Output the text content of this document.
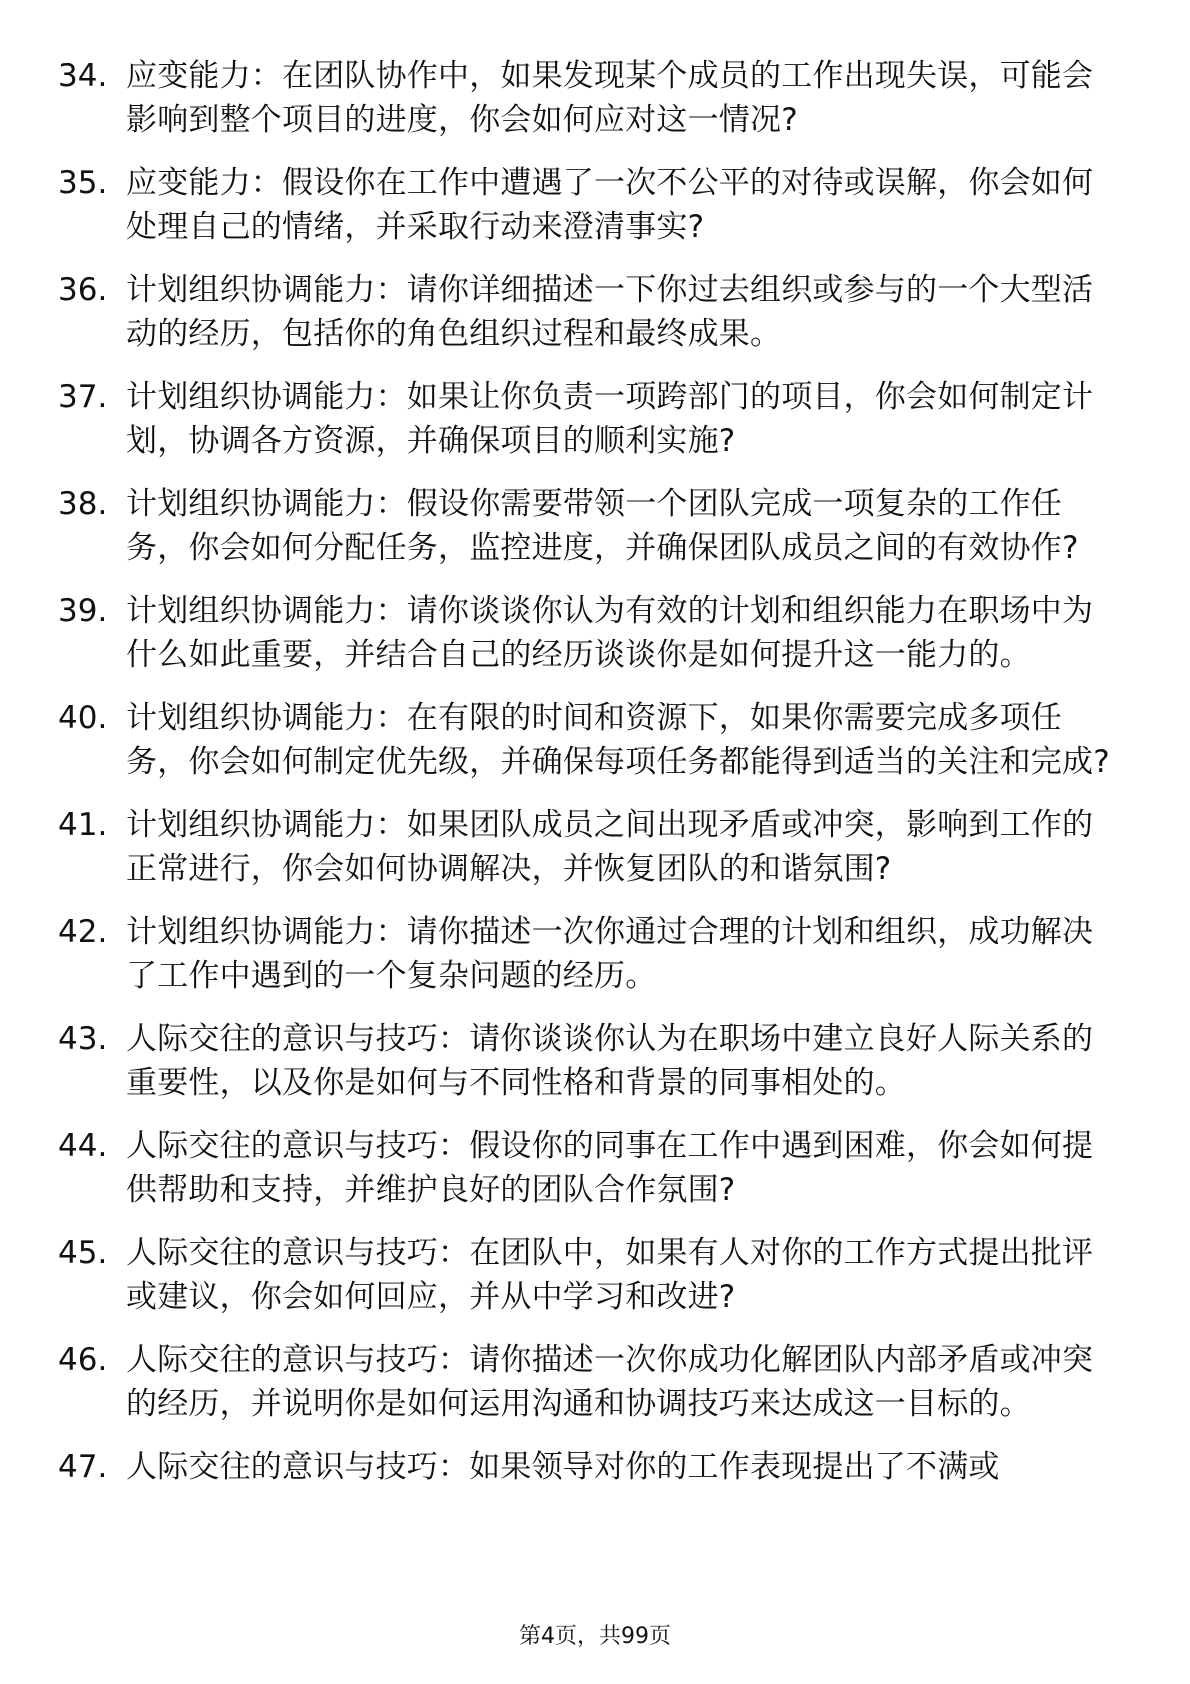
34. 应变能力：在团队协作中，如果发现某个成员的工作出现失误，可能会影响到整个项目的进度，你会如何应对这一情况?
35. 应变能力：假设你在工作中遭遇了一次不公平的对待或误解，你会如何处理自己的情绪，并采取行动来澄清事实?
36. 计划组织协调能力：请你详细描述一下你过去组织或参与的一个大型活动的经历，包括你的角色组织过程和最终成果。
37. 计划组织协调能力：如果让你负责一项跨部门的项目，你会如何制定计划，协调各方资源，并确保项目的顺利实施?
38. 计划组织协调能力：假设你需要带领一个团队完成一项复杂的工作任务，你会如何分配任务，监控进度，并确保团队成员之间的有效协作?
39. 计划组织协调能力：请你谈谈你认为有效的计划和组织能力在职场中为什么如此重要，并结合自己的经历谈谈你是如何提升这一能力的。
40. 计划组织协调能力：在有限的时间和资源下，如果你需要完成多项任务，你会如何制定优先级，并确保每项任务都能得到适当的关注和完成?
41. 计划组织协调能力：如果团队成员之间出现矛盾或冲突，影响到工作的正常进行，你会如何协调解决，并恢复团队的和谐氛围?
42. 计划组织协调能力：请你描述一次你通过合理的计划和组织，成功解决了工作中遇到的一个复杂问题的经历。
43. 人际交往的意识与技巧：请你谈谈你认为在职场中建立良好人际关系的重要性，以及你是如何与不同性格和背景的同事相处的。
44. 人际交往的意识与技巧：假设你的同事在工作中遇到困难，你会如何提供帮助和支持，并维护良好的团队合作氛围?
45. 人际交往的意识与技巧：在团队中，如果有人对你的工作方式提出批评或建议，你会如何回应，并从中学习和改进?
46. 人际交往的意识与技巧：请你描述一次你成功化解团队内部矛盾或冲突的经历，并说明你是如何运用沟通和协调技巧来达成这一目标的。
47. 人际交往的意识与技巧：如果领导对你的工作表现提出了不满或
第4页，共99页
